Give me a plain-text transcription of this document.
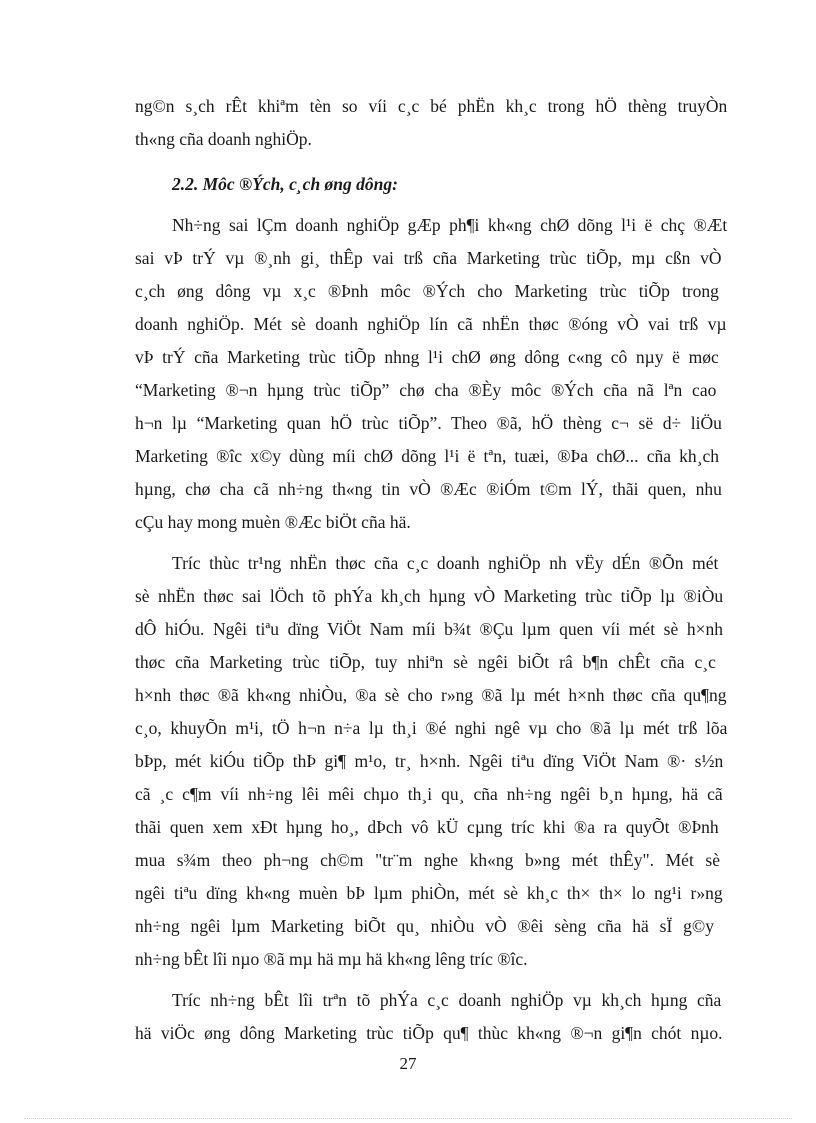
ng©n s¸ch rÊt khiªm tèn so víi c¸c bé phËn kh¸c trong hÖ thèng truyÒn
th«ng cña doanh nghiÖp.
2.2. Môc ®Ých, c¸ch øng dông:
Nh÷ng sai lÇm doanh nghiÖp gÆp ph¶i kh«ng chØ dõng l¹i ë chç ®Æt
sai vÞ trÝ vµ ®¸nh gi¸ thÊp vai trß cña Marketing trùc tiÕp, mµ cßn vÒ
c¸ch øng dông vµ x¸c ®Þnh môc ®Ých cho Marketing trùc tiÕp trong
doanh nghiÖp. Mét sè doanh nghiÖp lín cã nhËn thøc ®óng vÒ vai trß vµ
vÞ trÝ cña Marketing trùc tiÕp nhng l¹i chØ øng dông c«ng cô nµy ë møc
“Marketing ®¬n hµng trùc tiÕp” chø cha ®Èy môc ®Ých cña nã lªn cao
h¬n lµ “Marketing quan hÖ trùc tiÕp”. Theo ®ã, hÖ thèng c¬ së d÷ liÖu
Marketing ®îc x©y dùng míi chØ dõng l¹i ë tªn, tuæi, ®Þa chØ... cña kh¸ch
hµng, chø cha cã nh÷ng th«ng tin vÒ ®Æc ®iÓm t©m lÝ, thãi quen, nhu
cÇu hay mong muèn ®Æc biÖt cña hä.
Tríc thùc tr¹ng nhËn thøc cña c¸c doanh nghiÖp nh vËy dÉn ®Õn mét
sè nhËn thøc sai lÖch tõ phÝa kh¸ch hµng vÒ Marketing trùc tiÕp lµ ®iÒu
dÔ hiÓu. Ngêi tiªu dïng ViÖt Nam míi b¾t ®Çu lµm quen víi mét sè h×nh
thøc cña Marketing trùc tiÕp, tuy nhiªn sè ngêi biÕt râ b¶n chÊt cña c¸c
h×nh thøc ®ã kh«ng nhiÒu, ®a sè cho r»ng ®ã lµ mét h×nh thøc cña qu¶ng
c¸o, khuyÕn m¹i, tÖ h¬n n÷a lµ th¸i ®é nghi ngê vµ cho ®ã lµ mét trß lõa
bÞp, mét kiÓu tiÕp thÞ gi¶ m¹o, tr¸ h×nh. Ngêi tiªu dïng ViÖt Nam ®· s½n
cã ¸c c¶m víi nh÷ng lêi mêi chµo th¸i qu¸ cña nh÷ng ngêi b¸n hµng, hä cã
thãi quen xem xÐt hµng ho¸, dÞch vô kÜ cµng tríc khi ®a ra quyÕt ®Þnh
mua s¾m theo ph¬ng ch©m "tr¨m nghe kh«ng b»ng mét thÊy". Mét sè
ngêi tiªu dïng kh«ng muèn bÞ lµm phiÒn, mét sè kh¸c th× th× lo ng¹i r»ng
nh÷ng ngêi lµm Marketing biÕt qu¸ nhiÒu vÒ ®êi sèng cña hä sÏ g©y
nh÷ng bÊt lîi nµo ®ã mµ hä mµ hä kh«ng lêng tríc ®îc.
Tríc nh÷ng bÊt lîi trªn tõ phÝa c¸c doanh nghiÖp vµ kh¸ch hµng cña
hä viÖc øng dông Marketing trùc tiÕp qu¶ thùc kh«ng ®¬n gi¶n chót nµo.
27
